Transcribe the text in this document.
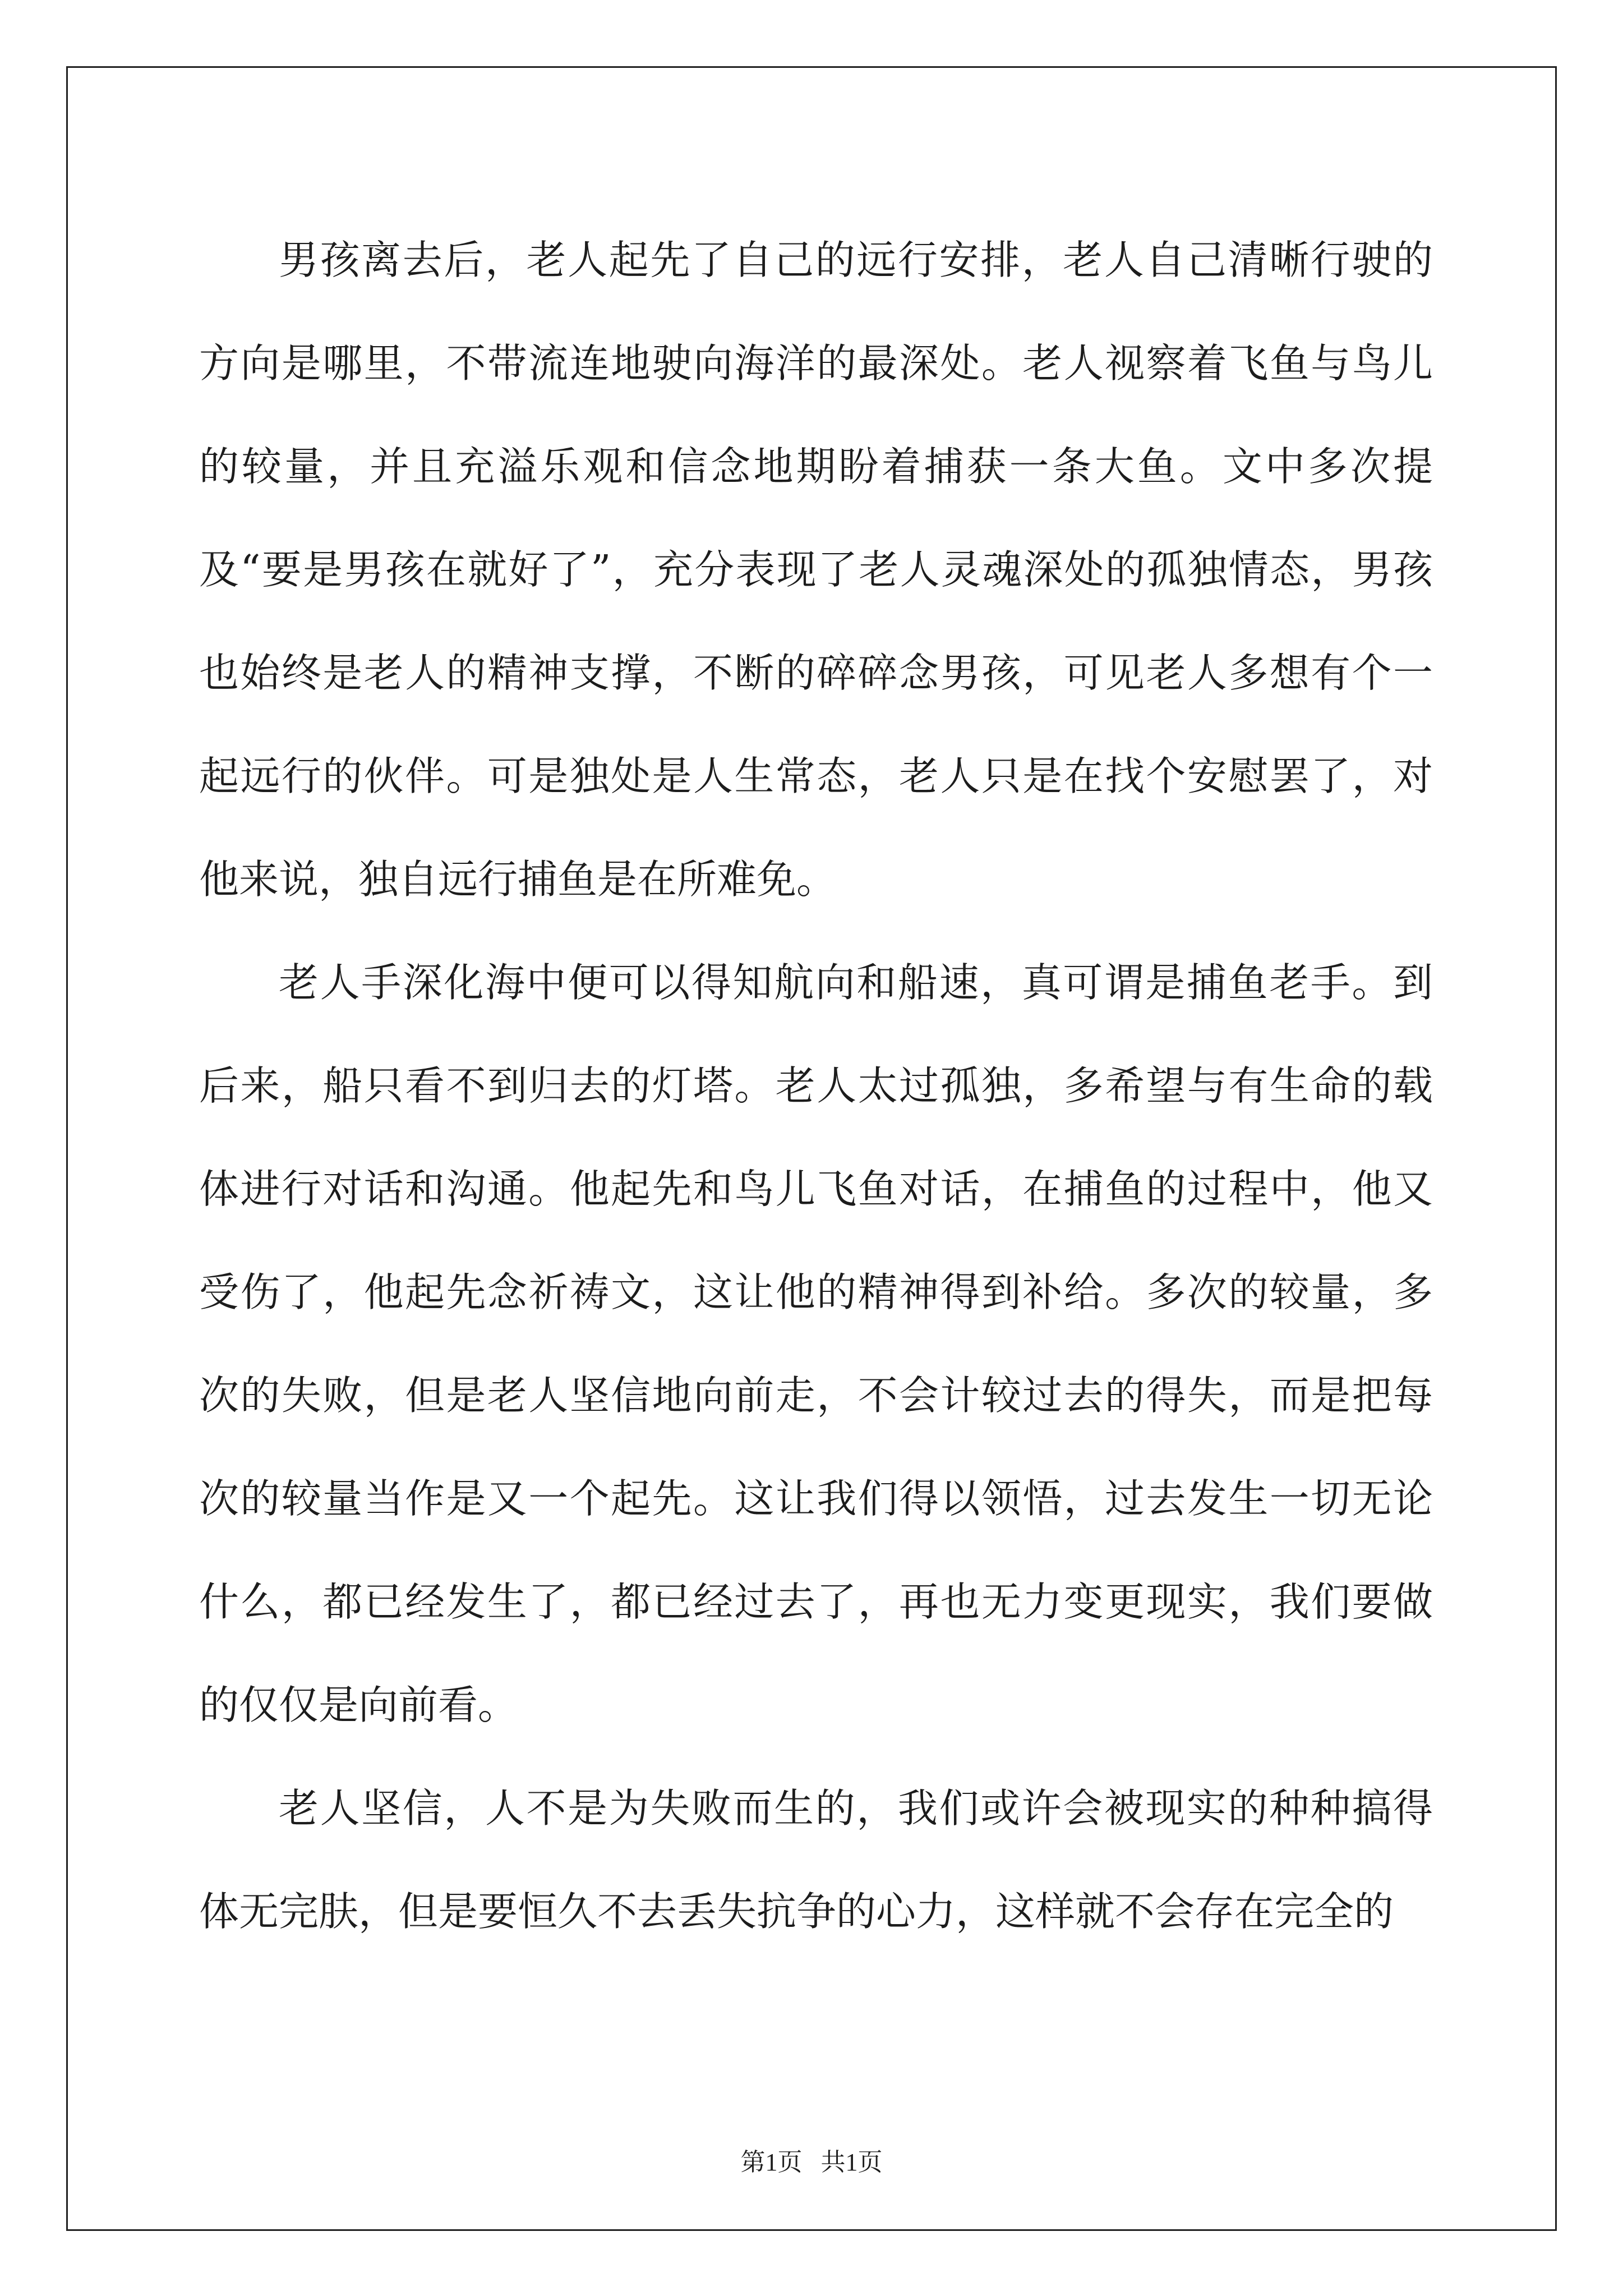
男孩离去后，老人起先了自己的远行安排，老人自己清晰行驶的方向是哪里，不带流连地驶向海洋的最深处。老人视察着飞鱼与鸟儿的较量，并且充溢乐观和信念地期盼着捕获一条大鱼。文中多次提及“要是男孩在就好了”，充分表现了老人灵魂深处的孤独情态，男孩也始终是老人的精神支撑，不断的碎碎念男孩，可见老人多想有个一起远行的伙伴。可是独处是人生常态，老人只是在找个安慰罢了，对他来说，独自远行捕鱼是在所难免。

老人手深化海中便可以得知航向和船速，真可谓是捕鱼老手。到后来，船只看不到归去的灯塔。老人太过孤独，多希望与有生命的载体进行对话和沟通。他起先和鸟儿飞鱼对话，在捕鱼的过程中，他又受伤了，他起先念祈祷文，这让他的精神得到补给。多次的较量，多次的失败，但是老人坚信地向前走，不会计较过去的得失，而是把每次的较量当作是又一个起先。这让我们得以领悟，过去发生一切无论什么，都已经发生了，都已经过去了，再也无力变更现实，我们要做的仅仅是向前看。

老人坚信，人不是为失败而生的，我们或许会被现实的种种搞得体无完肤，但是要恒久不去丢失抗争的心力，这样就不会存在完全的

第1页   共1页
